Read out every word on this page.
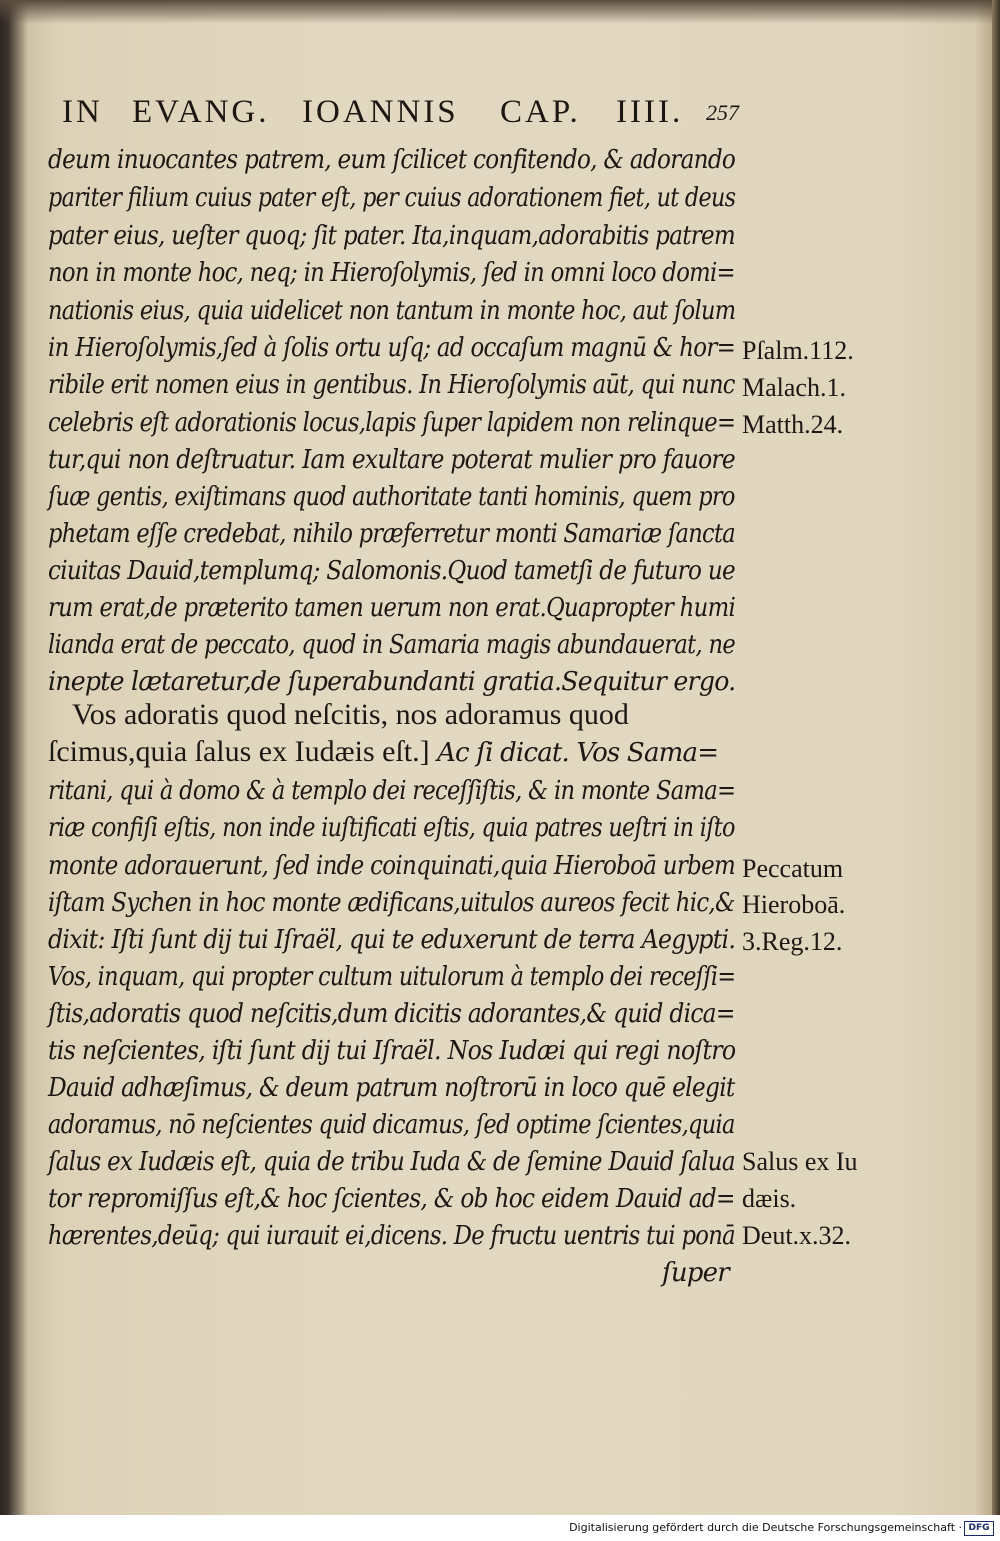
IN EVANG. IOANNIS CAP. IIII. 257
deum inuocantes patrem, eum ſcilicet confitendo, & adorando
pariter filium cuius pater eſt, per cuius adorationem fiet, ut deus
pater eius, ueſter quoq; ſit pater. Ita,inquam,adorabitis patrem
non in monte hoc, neq; in Hieroſolymis, ſed in omni loco domi=
nationis eius, quia uidelicet non tantum in monte hoc, aut ſolum
in Hieroſolymis,ſed à ſolis ortu uſq; ad occaſum magnū & hor=
ribile erit nomen eius in gentibus. In Hieroſolymis aūt, qui nunc
celebris eſt adorationis locus,lapis ſuper lapidem non relinque=
tur,qui non deſtruatur. Iam exultare poterat mulier pro fauore
ſuæ gentis, exiſtimans quod authoritate tanti hominis, quem pro
phetam eſſe credebat, nihilo præferretur monti Samariæ ſancta
ciuitas Dauid,templumq; Salomonis.Quod tametſi de futuro ue
rum erat,de præterito tamen uerum non erat.Quapropter humi
lianda erat de peccato, quod in Samaria magis abundauerat, ne
inepte lætaretur,de ſuperabundanti gratia.Sequitur ergo.
Vos adoratis quod neſcitis, nos adoramus quod
ſcimus,quia ſalus ex Iudæis eſt.] Ac ſi dicat. Vos Sama=
ritani, qui à domo & à templo dei receſſiſtis, & in monte Sama=
riæ confiſi eſtis, non inde iuſtificati eſtis, quia patres ueſtri in iſto
monte adorauerunt, ſed inde coinquinati,quia Hieroboā urbem
iſtam Sychen in hoc monte ædificans,uitulos aureos fecit hic,&
dixit: Iſti ſunt dij tui Iſraël, qui te eduxerunt de terra Aegypti.
Vos, inquam, qui propter cultum uitulorum à templo dei receſſi=
ſtis,adoratis quod neſcitis,dum dicitis adorantes,& quid dica=
tis neſcientes, iſti ſunt dij tui Iſraël. Nos Iudæi qui regi noſtro
Dauid adhæſimus, & deum patrum noſtrorū in loco quē elegit
adoramus, nō neſcientes quid dicamus, ſed optime ſcientes,quia
ſalus ex Iudæis eſt, quia de tribu Iuda & de ſemine Dauid ſalua
tor repromiſſus eſt,& hoc ſcientes, & ob hoc eidem Dauid ad=
hærentes,deūq; qui iurauit ei,dicens. De fructu uentris tui ponā
ſuper
Pſalm.112.
Malach.1.
Matth.24.
Peccatum
Hieroboā.
3.Reg.12.
Salus ex Iu
dæis.
Deut.x.32.
Digitalisierung gefördert durch die Deutsche Forschungsgemeinschaft · DFG
